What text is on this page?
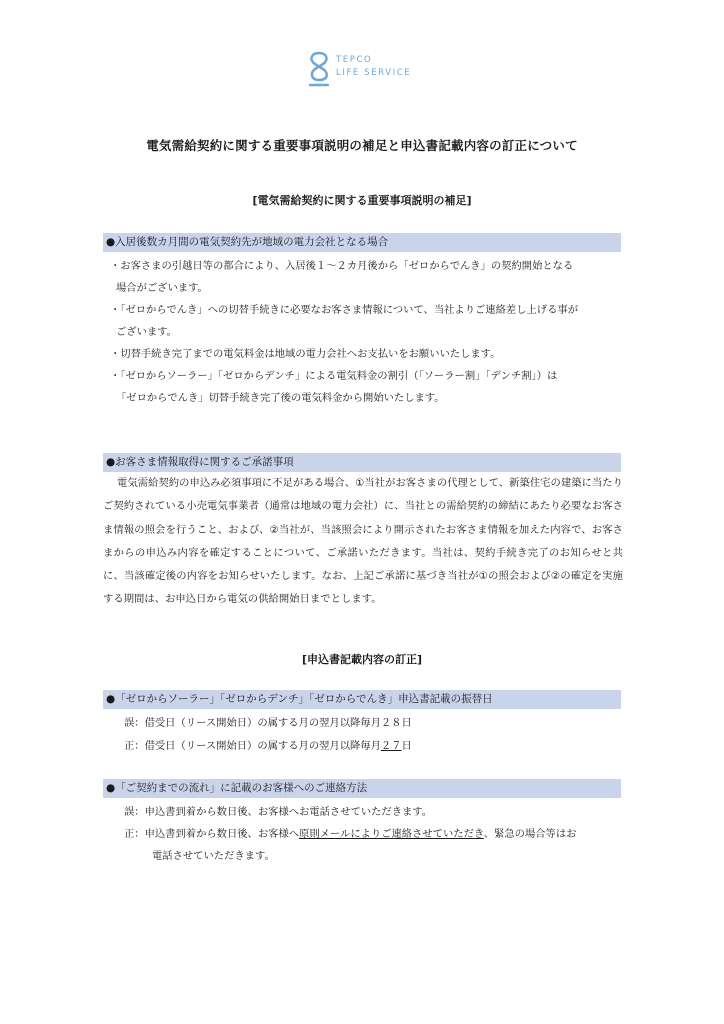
TEPCO
LIFE SERVICE
電気需給契約に関する重要事項説明の補足と申込書記載内容の訂正について
[電気需給契約に関する重要事項説明の補足]
●入居後数カ月間の電気契約先が地域の電力会社となる場合
・お客さまの引越日等の都合により、入居後１～２カ月後から「ゼロからでんき」の契約開始となる
場合がございます。
・「ゼロからでんき」への切替手続きに必要なお客さま情報について、当社よりご連絡差し上げる事が
ございます。
・切替手続き完了までの電気料金は地域の電力会社へお支払いをお願いいたします。
・「ゼロからソーラー」「ゼロからデンチ」による電気料金の割引（「ソーラー割」「デンチ割」）は
「ゼロからでんき」切替手続き完了後の電気料金から開始いたします。
●お客さま情報取得に関するご承諾事項
電気需給契約の申込み必須事項に不足がある場合、①当社がお客さまの代理として、新築住宅の建築に当たりご契約されている小売電気事業者（通常は地域の電力会社）に、当社との需給契約の締結にあたり必要なお客さま情報の照会を行うこと、および、②当社が、当該照会により開示されたお客さま情報を加えた内容で、お客さまからの申込み内容を確定することについて、ご承諾いただきます。当社は、契約手続き完了のお知らせと共に、当該確定後の内容をお知らせいたします。なお、上記ご承諾に基づき当社が①の照会および②の確定を実施する期間は、お申込日から電気の供給開始日までとします。
[申込書記載内容の訂正]
●「ゼロからソーラー」「ゼロからデンチ」「ゼロからでんき」申込書記載の振替日
誤：借受日（リース開始日）の属する月の翌月以降毎月２８日
正：借受日（リース開始日）の属する月の翌月以降毎月２７日
●「ご契約までの流れ」に記載のお客様へのご連絡方法
誤：申込書到着から数日後、お客様へお電話させていただきます。
正：申込書到着から数日後、お客様へ原則メールによりご連絡させていただき、緊急の場合等はお
電話させていただきます。
